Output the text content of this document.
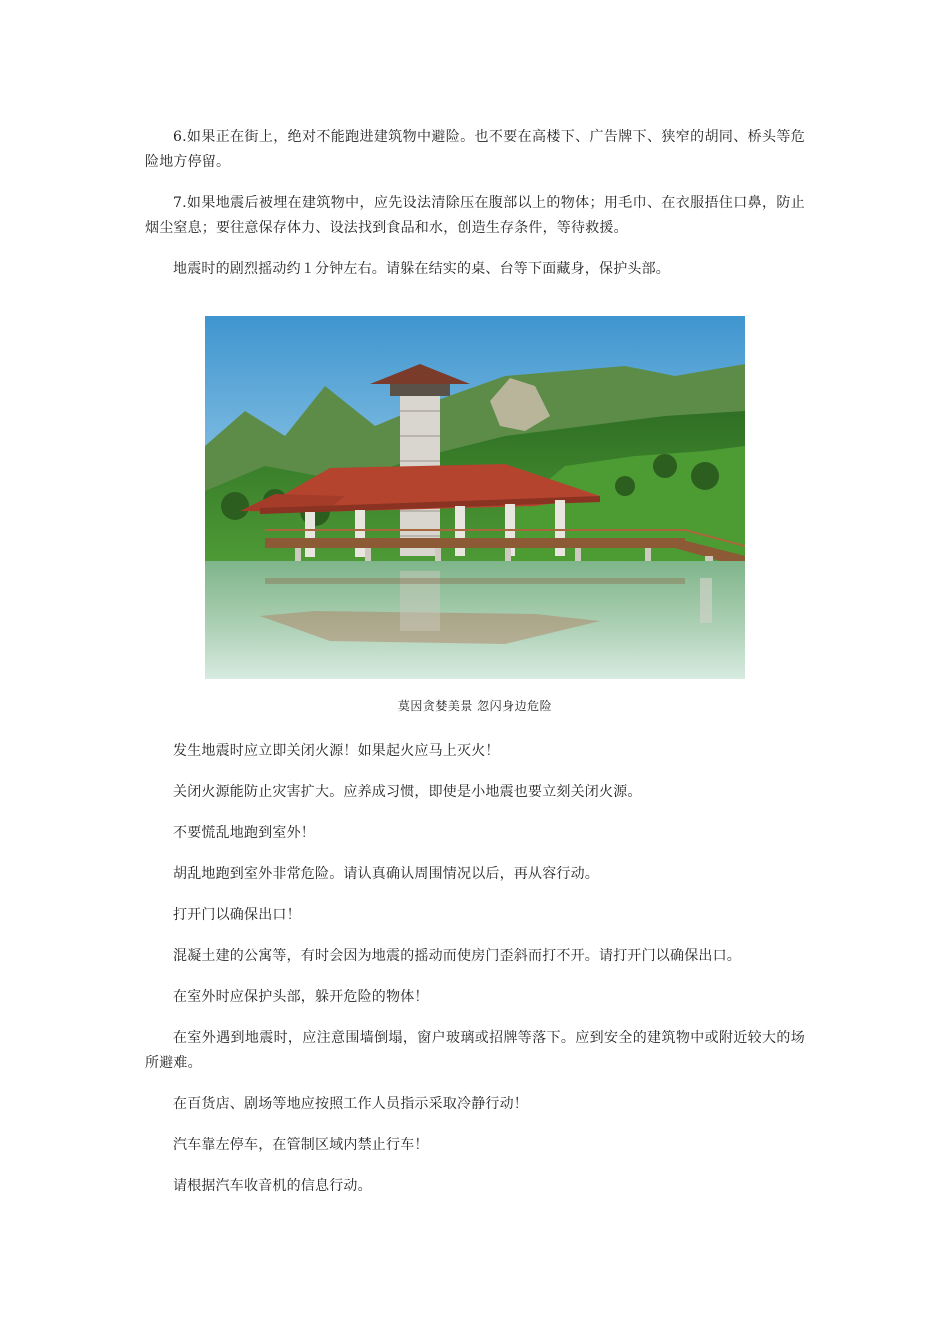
6.如果正在街上，绝对不能跑进建筑物中避险。也不要在高楼下、广告牌下、狭窄的胡同、桥头等危险地方停留。

7.如果地震后被埋在建筑物中，应先设法清除压在腹部以上的物体；用毛巾、在衣服捂住口鼻，防止烟尘窒息；要往意保存体力、设法找到食品和水，创造生存条件，等待救援。

地震时的剧烈摇动约１分钟左右。请躲在结实的桌、台等下面藏身，保护头部。

莫因贪婪美景 忽闪身边危险

发生地震时应立即关闭火源！如果起火应马上灭火！

关闭火源能防止灾害扩大。应养成习惯，即使是小地震也要立刻关闭火源。

不要慌乱地跑到室外！

胡乱地跑到室外非常危险。请认真确认周围情况以后，再从容行动。

打开门以确保出口！

混凝土建的公寓等，有时会因为地震的摇动而使房门歪斜而打不开。请打开门以确保出口。

在室外时应保护头部，躲开危险的物体！

在室外遇到地震时，应注意围墙倒塌，窗户玻璃或招牌等落下。应到安全的建筑物中或附近较大的场所避难。

在百货店、剧场等地应按照工作人员指示采取冷静行动！

汽车靠左停车，在管制区域内禁止行车！

请根据汽车收音机的信息行动。
